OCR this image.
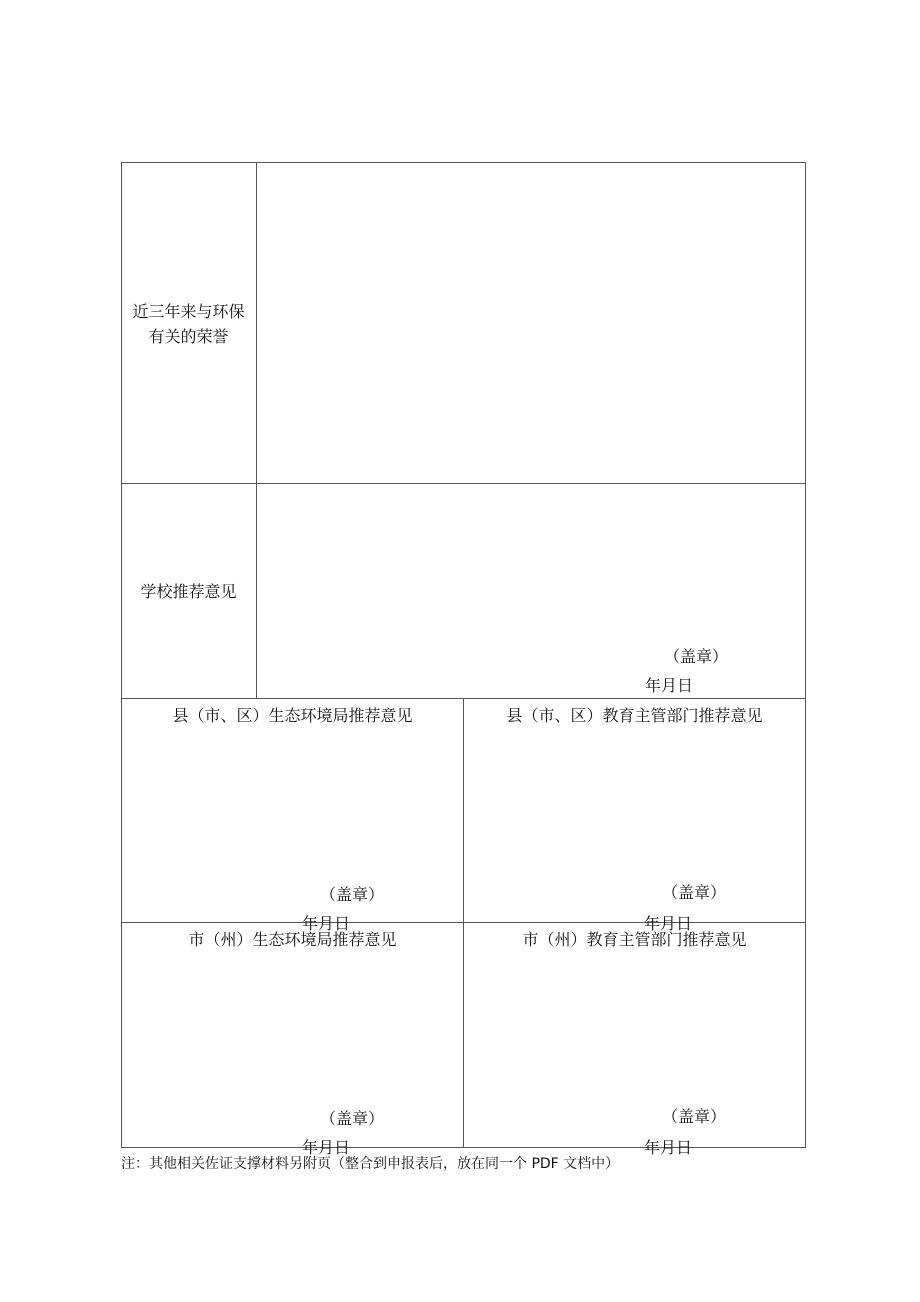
近三年来与环保
有关的荣誉
学校推荐意见
（盖章）
年月日
县（市、区）生态环境局推荐意见
（盖章）
年月日
县（市、区）教育主管部门推荐意见
（盖章）
年月日
市（州）生态环境局推荐意见
（盖章）
年月日
市（州）教育主管部门推荐意见
（盖章）
年月日
注：其他相关佐证支撑材料另附页（整合到申报表后，放在同一个 PDF 文档中）
